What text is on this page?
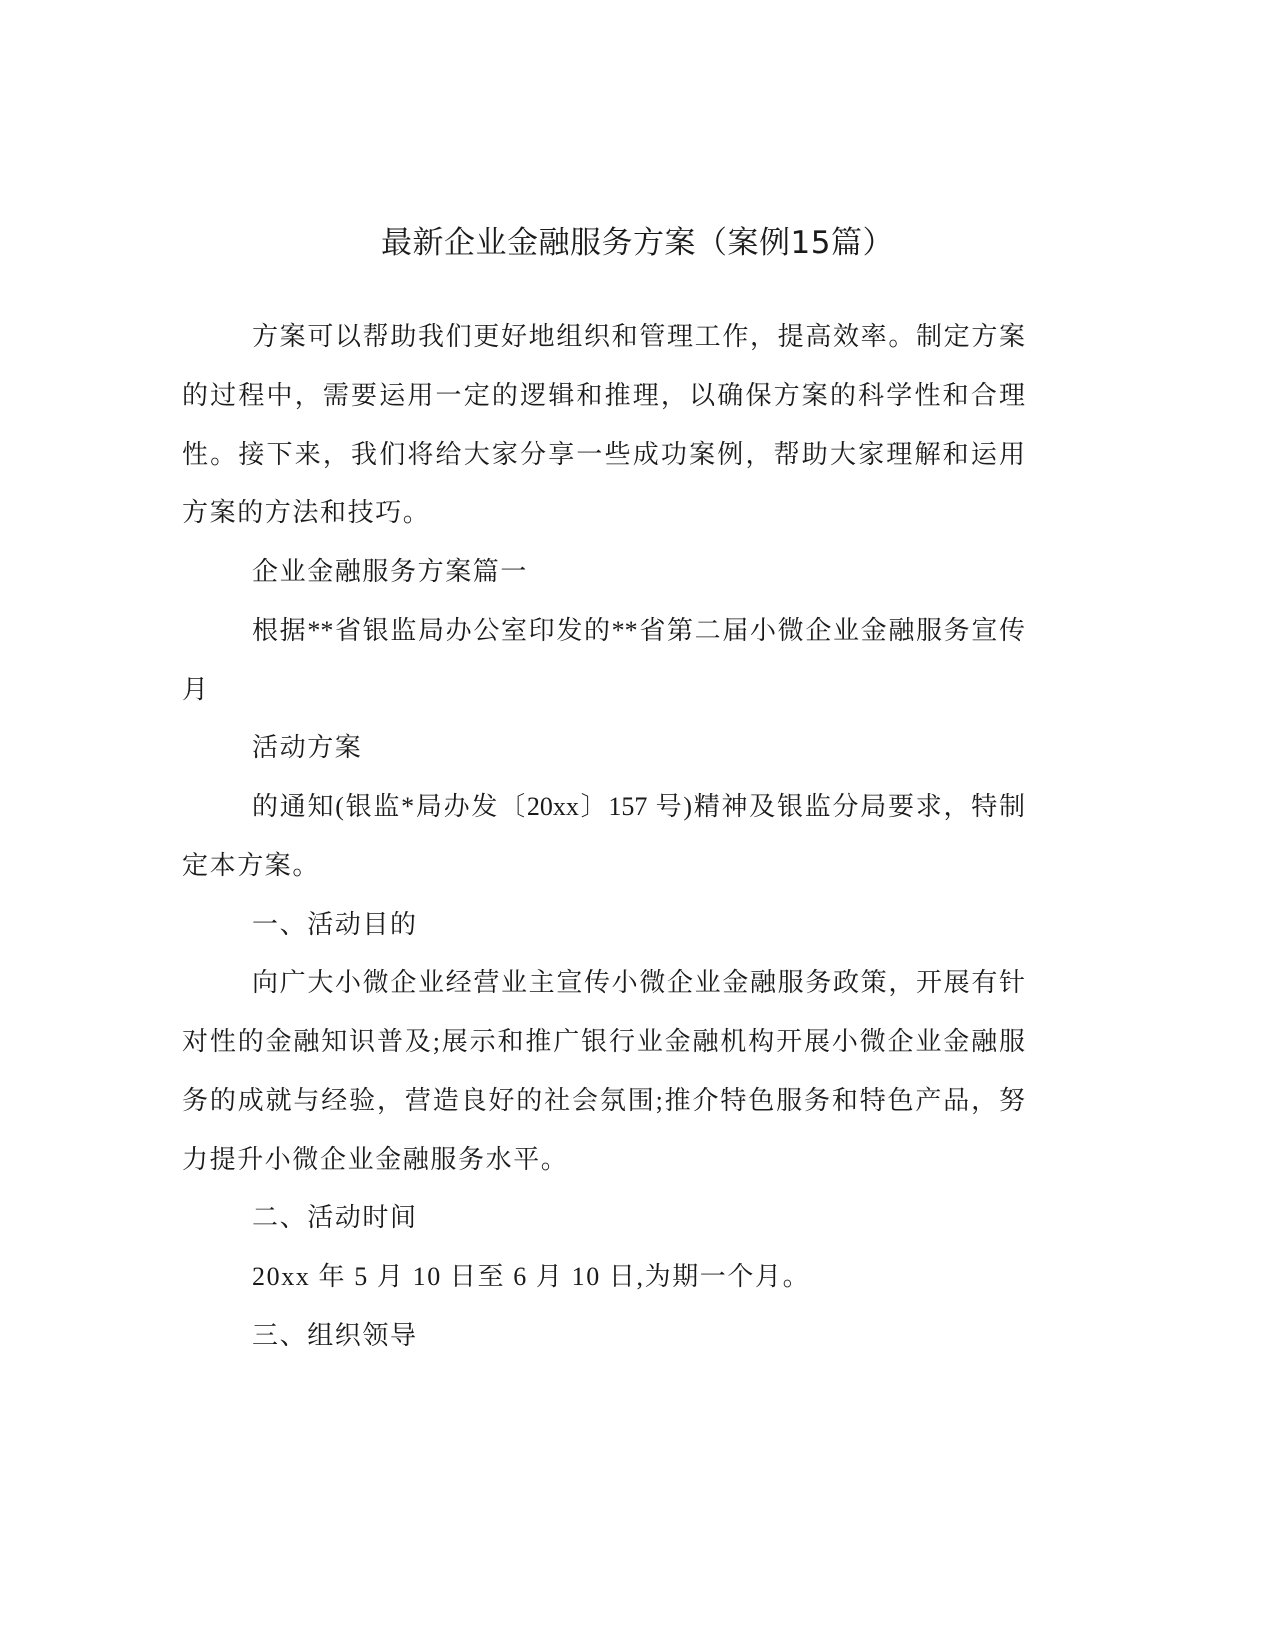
最新企业金融服务方案（案例15篇）
方案可以帮助我们更好地组织和管理工作，提高效率。制定方案
的过程中，需要运用一定的逻辑和推理，以确保方案的科学性和合理
性。接下来，我们将给大家分享一些成功案例，帮助大家理解和运用
方案的方法和技巧。
企业金融服务方案篇一
根据**省银监局办公室印发的**省第二届小微企业金融服务宣传
月
活动方案
的通知(银监*局办发〔20xx〕157 号)精神及银监分局要求，特制
定本方案。
一、活动目的
向广大小微企业经营业主宣传小微企业金融服务政策，开展有针
对性的金融知识普及;展示和推广银行业金融机构开展小微企业金融服
务的成就与经验，营造良好的社会氛围;推介特色服务和特色产品，努
力提升小微企业金融服务水平。
二、活动时间
20xx 年 5 月 10 日至 6 月 10 日,为期一个月。
三、组织领导
